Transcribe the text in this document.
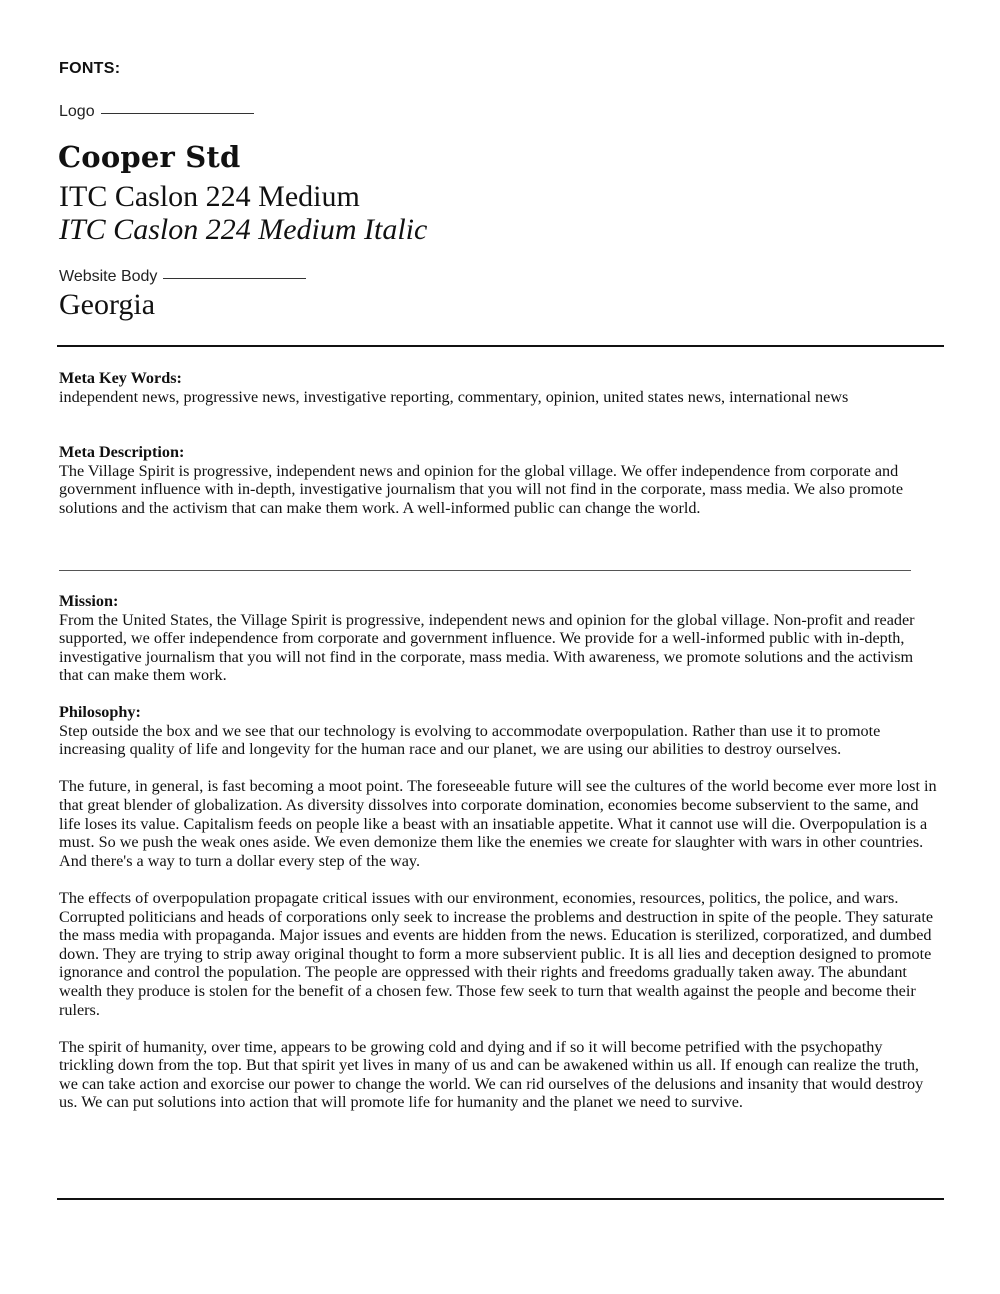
FONTS:
Logo
Cooper Std
ITC Caslon 224 Medium
ITC Caslon 224 Medium Italic
Website Body
Georgia
Meta Key Words:

independent news, progressive news, investigative reporting, commentary, opinion, united states news, international news

Meta Description:

The Village Spirit is progressive, independent news and opinion for the global village. We offer independence from corporate and government influence with in-depth, investigative journalism that you will not find in the corporate, mass media. We also promote solutions and the activism that can make them work. A well-informed public can change the world.

Mission:

From the United States, the Village Spirit is progressive, independent news and opinion for the global village. Non-profit and reader supported, we offer independence from corporate and government influence. We provide for a well-informed public with in-depth, investigative journalism that you will not find in the corporate, mass media. With awareness, we promote solutions and the activism that can make them work.

Philosophy:

Step outside the box and we see that our technology is evolving to accommodate overpopulation. Rather than use it to promote increasing quality of life and longevity for the human race and our planet, we are using our abilities to destroy ourselves.

The future, in general, is fast becoming a moot point. The foreseeable future will see the cultures of the world become ever more lost in that great blender of globalization. As diversity dissolves into corporate domination, economies become subservient to the same, and life loses its value. Capitalism feeds on people like a beast with an insatiable appetite. What it cannot use will die. Overpopulation is a must. So we push the weak ones aside. We even demonize them like the enemies we create for slaughter with wars in other countries. And there's a way to turn a dollar every step of the way.

The effects of overpopulation propagate critical issues with our environment, economies, resources, politics, the police, and wars. Corrupted politicians and heads of corporations only seek to increase the problems and destruction in spite of the people. They saturate the mass media with propaganda. Major issues and events are hidden from the news. Education is sterilized, corporatized, and dumbed down. They are trying to strip away original thought to form a more subservient public. It is all lies and deception designed to promote ignorance and control the population. The people are oppressed with their rights and freedoms gradually taken away. The abundant wealth they produce is stolen for the benefit of a chosen few. Those few seek to turn that wealth against the people and become their rulers.

The spirit of humanity, over time, appears to be growing cold and dying and if so it will become petrified with the psychopathy trickling down from the top. But that spirit yet lives in many of us and can be awakened within us all. If enough can realize the truth, we can take action and exorcise our power to change the world. We can rid ourselves of the delusions and insanity that would destroy us. We can put solutions into action that will promote life for humanity and the planet we need to survive.
